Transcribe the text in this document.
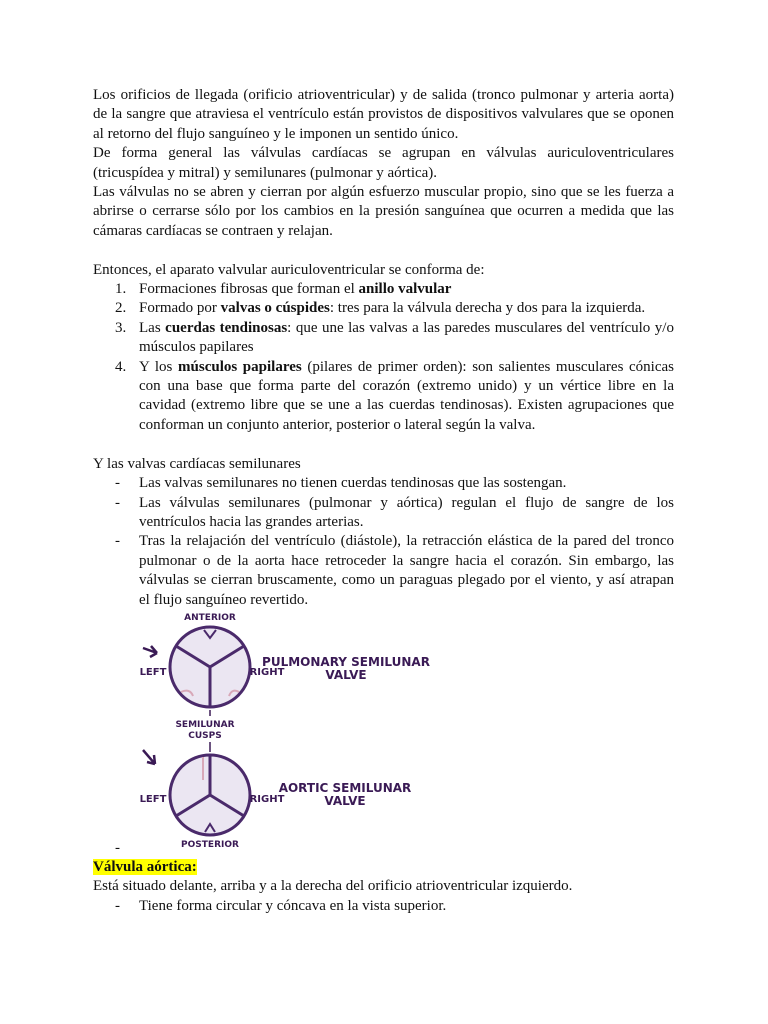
Los orificios de llegada (orificio atrioventricular) y de salida (tronco pulmonar y arteria aorta) de la sangre que atraviesa el ventrículo están provistos de dispositivos valvulares que se oponen al retorno del flujo sanguíneo y le imponen un sentido único.

De forma general las válvulas cardíacas se agrupan en válvulas auriculoventriculares (tricuspídea y mitral) y semilunares (pulmonar y aórtica).

Las válvulas no se abren y cierran por algún esfuerzo muscular propio, sino que se les fuerza a abrirse o cerrarse sólo por los cambios en la presión sanguínea que ocurren a medida que las cámaras cardíacas se contraen y relajan.

Entonces, el aparato valvular auriculoventricular se conforma de:

1. Formaciones fibrosas que forman el anillo valvular
2. Formado por valvas o cúspides: tres para la válvula derecha y dos para la izquierda.
3. Las cuerdas tendinosas: que une las valvas a las paredes musculares del ventrículo y/o músculos papilares
4. Y los músculos papilares (pilares de primer orden): son salientes musculares cónicas con una base que forma parte del corazón (extremo unido) y un vértice libre en la cavidad (extremo libre que se une a las cuerdas tendinosas). Existen agrupaciones que conforman un conjunto anterior, posterior o lateral según la valva.

Y las valvas cardíacas semilunares

- Las valvas semilunares no tienen cuerdas tendinosas que las sostengan.
- Las válvulas semilunares (pulmonar y aórtica) regulan el flujo de sangre de los ventrículos hacia las grandes arterias.
- Tras la relajación del ventrículo (diástole), la retracción elástica de la pared del tronco pulmonar o de la aorta hace retroceder la sangre hacia el corazón. Sin embargo, las válvulas se cierran bruscamente, como un paraguas plegado por el viento, y así atrapan el flujo sanguíneo revertido.
ANTERIOR
LEFT	RIGHT
SEMILUNAR
CUSPS
LEFT	RIGHT
POSTERIOR
PULMONARY SEMILUNAR
VALVE
AORTIC SEMILUNAR
VALVE
-

Válvula aórtica:

Está situado delante, arriba y a la derecha del orificio atrioventricular izquierdo.

- Tiene forma circular y cóncava en la vista superior.
